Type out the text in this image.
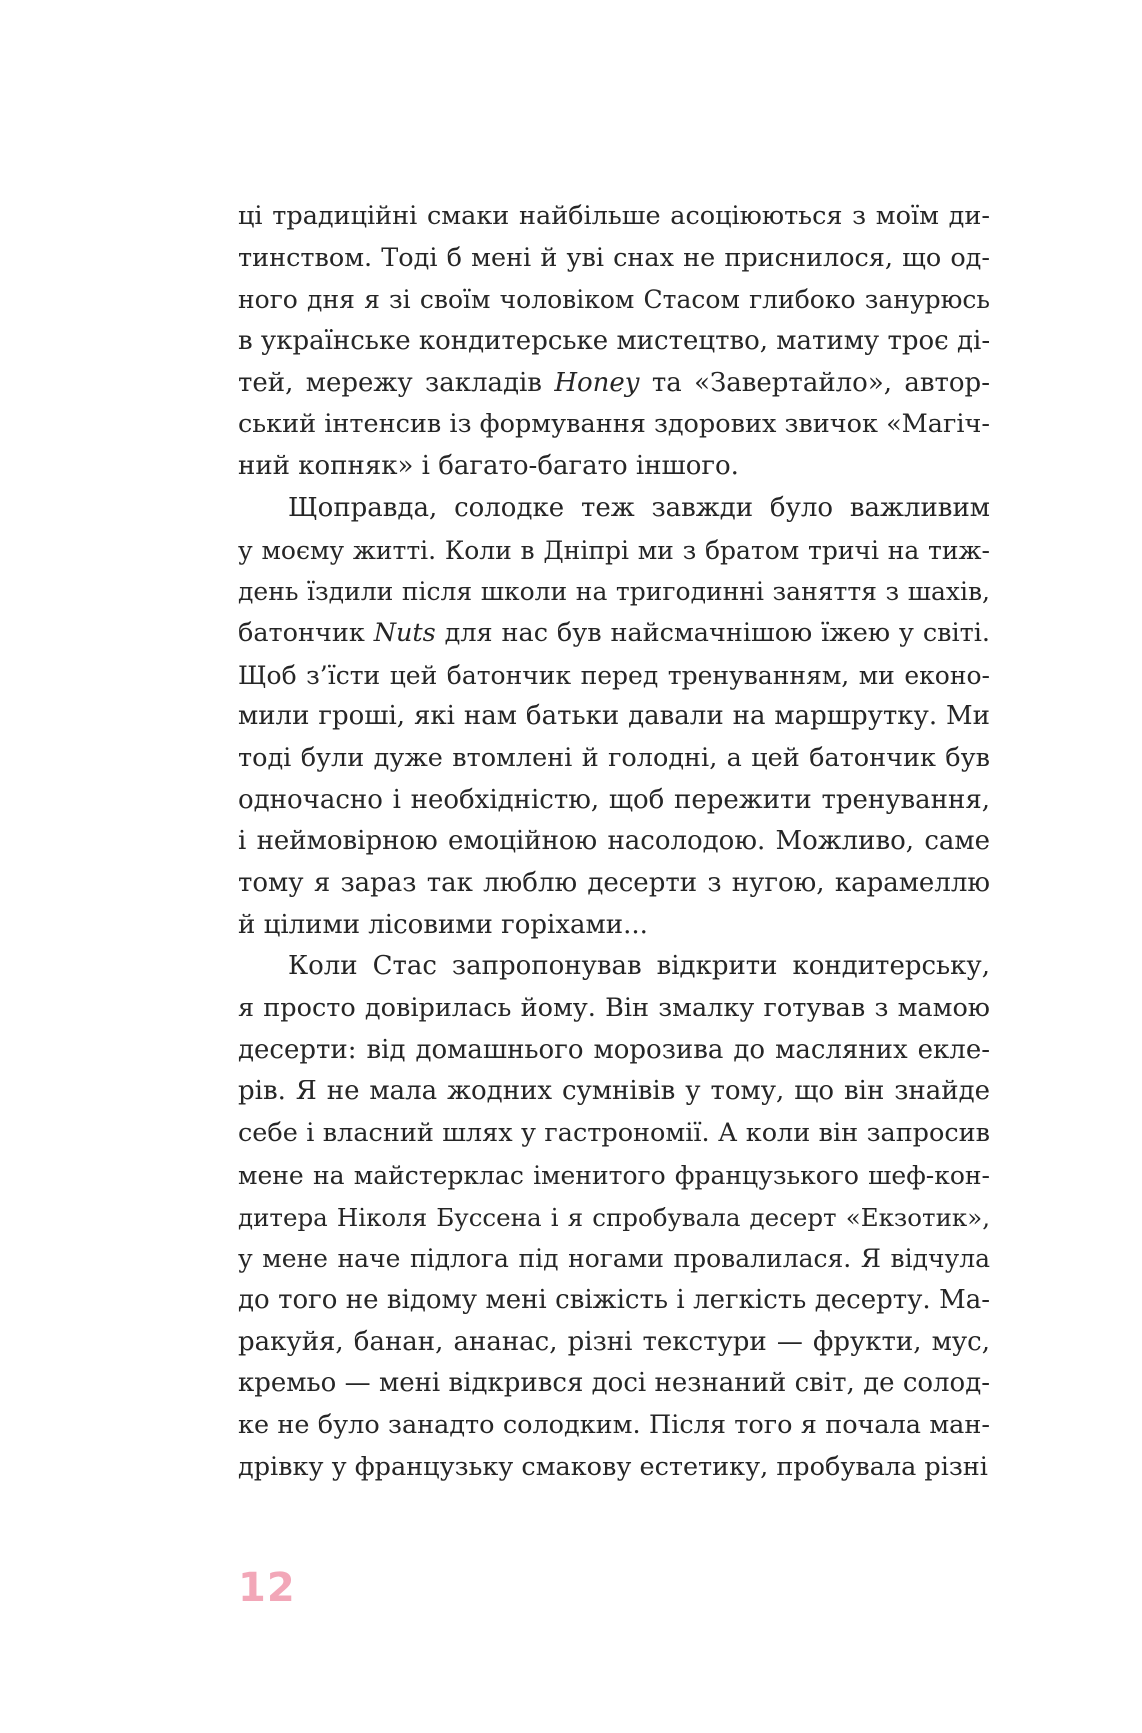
ці традиційні смаки найбільше асоціюються з моїм ди-
тинством. Тоді б мені й уві снах не приснилося, що од-
ного дня я зі своїм чоловіком Стасом глибоко занурюсь
в українське кондитерське мистецтво, матиму троє ді-
тей, мережу закладів Honey та «Завертайло», автор-
ський інтенсив із формування здорових звичок «Магіч-
ний копняк» і багато-багато іншого.
Щоправда, солодке теж завжди було важливим
у моєму житті. Коли в Дніпрі ми з братом тричі на тиж-
день їздили після школи на тригодинні заняття з шахів,
батончик Nuts для нас був найсмачнішою їжею у світі.
Щоб з’їсти цей батончик перед тренуванням, ми еконо-
мили гроші, які нам батьки давали на маршрутку. Ми
тоді були дуже втомлені й голодні, а цей батончик був
одночасно і необхідністю, щоб пережити тренування,
і неймовірною емоційною насолодою. Можливо, саме
тому я зараз так люблю десерти з нугою, карамеллю
й цілими лісовими горіхами...
Коли Стас запропонував відкрити кондитерську,
я просто довірилась йому. Він змалку готував з мамою
десерти: від домашнього морозива до масляних екле-
рів. Я не мала жодних сумнівів у тому, що він знайде
себе і власний шлях у гастрономії. А коли він запросив
мене на майстерклас іменитого французького шеф-кон-
дитера Ніколя Буссена і я спробувала десерт «Екзотик»,
у мене наче підлога під ногами провалилася. Я відчула
до того не відому мені свіжість і легкість десерту. Ма-
ракуйя, банан, ананас, різні текстури — фрукти, мус,
кремьо — мені відкрився досі незнаний світ, де солод-
ке не було занадто солодким. Після того я почала ман-
дрівку у французьку смакову естетику, пробувала різні
12
